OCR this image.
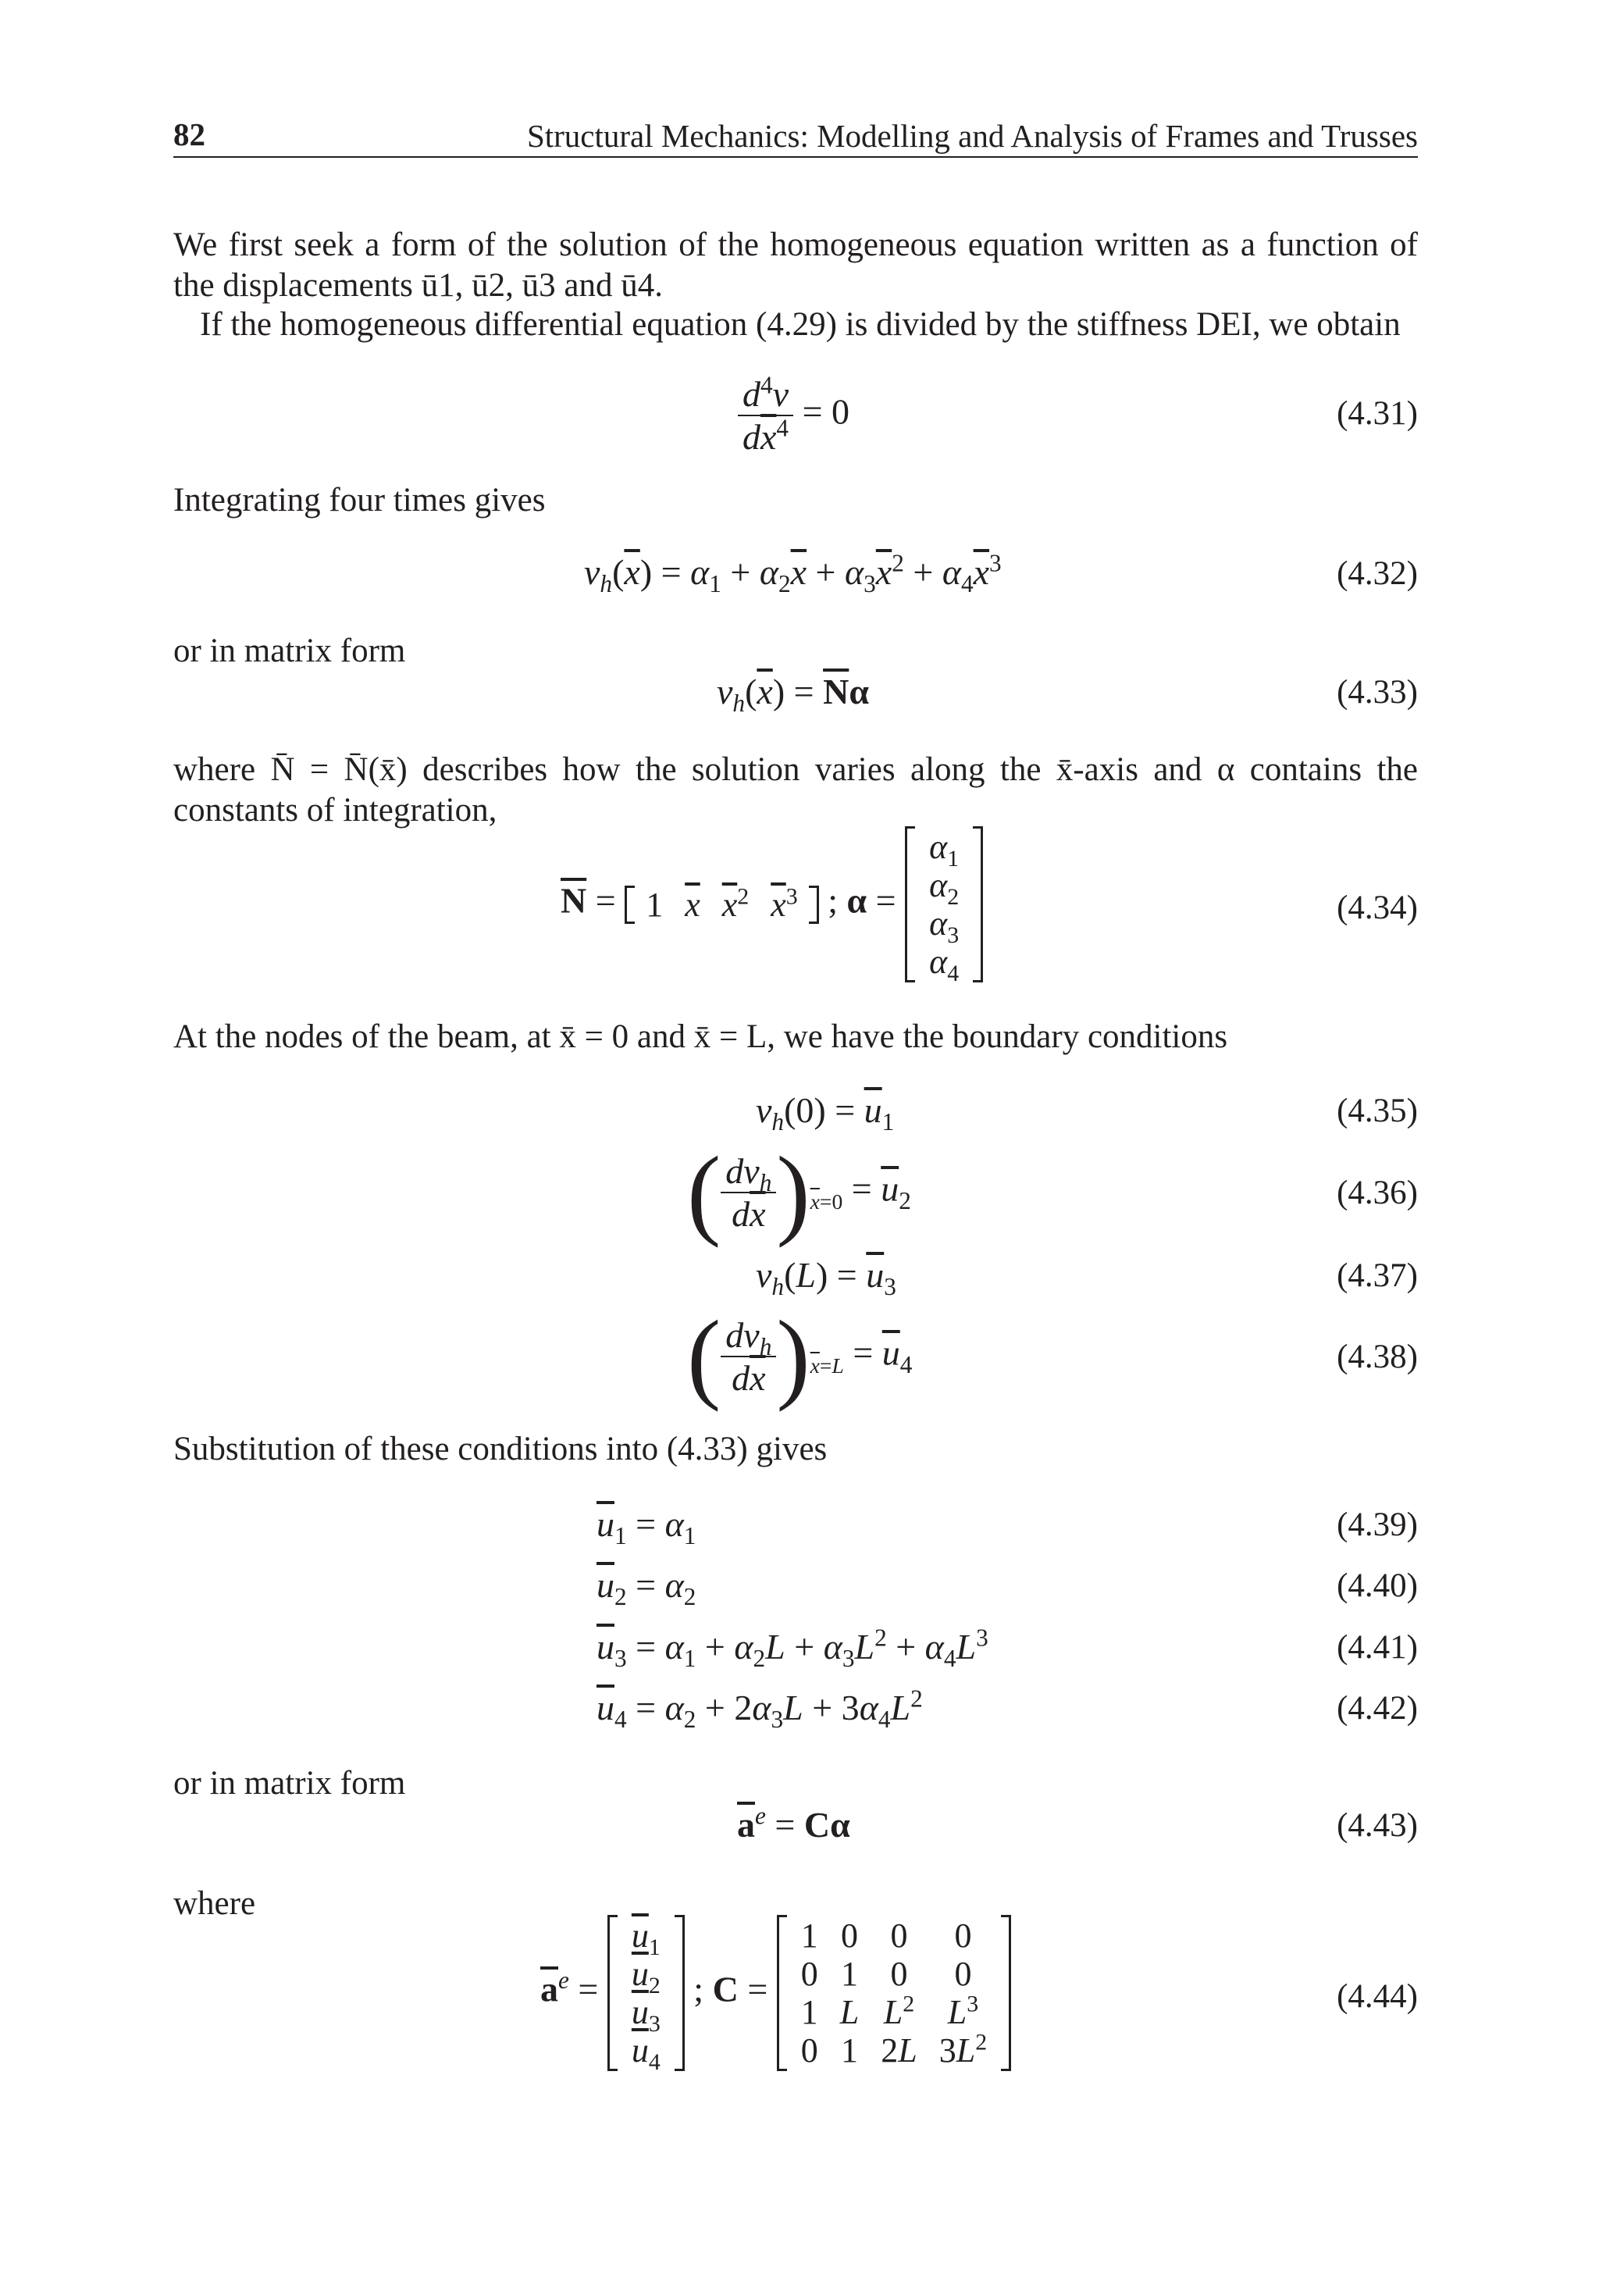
82	Structural Mechanics: Modelling and Analysis of Frames and Trusses
We first seek a form of the solution of the homogeneous equation written as a function of the displacements ū1, ū2, ū3 and ū4.
If the homogeneous differential equation (4.29) is divided by the stiffness DEI, we obtain
$\frac{d^4v}{d\overline{x}^4} = 0$	(4.31)
Integrating four times gives
$v_h(\overline{x}) = \alpha_1 + \alpha_2\overline{x} + \alpha_3\overline{x}^2 + \alpha_4\overline{x}^3$	(4.32)
or in matrix form
$v_h(\overline{x}) = \overline{N}\alpha$	(4.33)
where N̄ = N̄(x̄) describes how the solution varies along the x̄-axis and α contains the constants of integration,
$\overline{N} = 1$	$\overline{x}$	$\overline{x}^2$	$\overline{x}^3$ ; α =
$\alpha_1$
$\alpha_2$
$\alpha_3$
$\alpha_4$
(4.34)
At the nodes of the beam, at x̄ = 0 and x̄ = L, we have the boundary conditions
$v_h(0) = \overline{u}_1$	(4.35)
( $\frac{dv_h}{d\overline{x}} )_{\overline{x}=0} = \overline{u}_2$	(4.36)
$v_h(L) = \overline{u}_3$	(4.37)
( $\frac{dv_h}{d\overline{x}} )_{\overline{x}=L} = \overline{u}_4$	(4.38)
Substitution of these conditions into (4.33) gives
$\overline{u}_1 = \alpha_1$	(4.39)
$\overline{u}_2 = \alpha_2$	(4.40)
$\overline{u}_3 = \alpha_1 + \alpha_2L + \alpha_3L^2 + \alpha_4L^3$	(4.41)
$\overline{u}_4 = \alpha_2 + 2\alpha_3L + 3\alpha_4L^2$	(4.42)
or in matrix form
$\overline{a}^e = C\alpha$	(4.43)
where
$\overline{a}^e$ =
$\overline{u}_1$
$\overline{u}_2$
$\overline{u}_3$
$\overline{u}_4$
; C =
1	0	0	0
0	1	0	0
1	L	$L^2$	$L^3$
0	1	2L	$3L^2$
(4.44)
